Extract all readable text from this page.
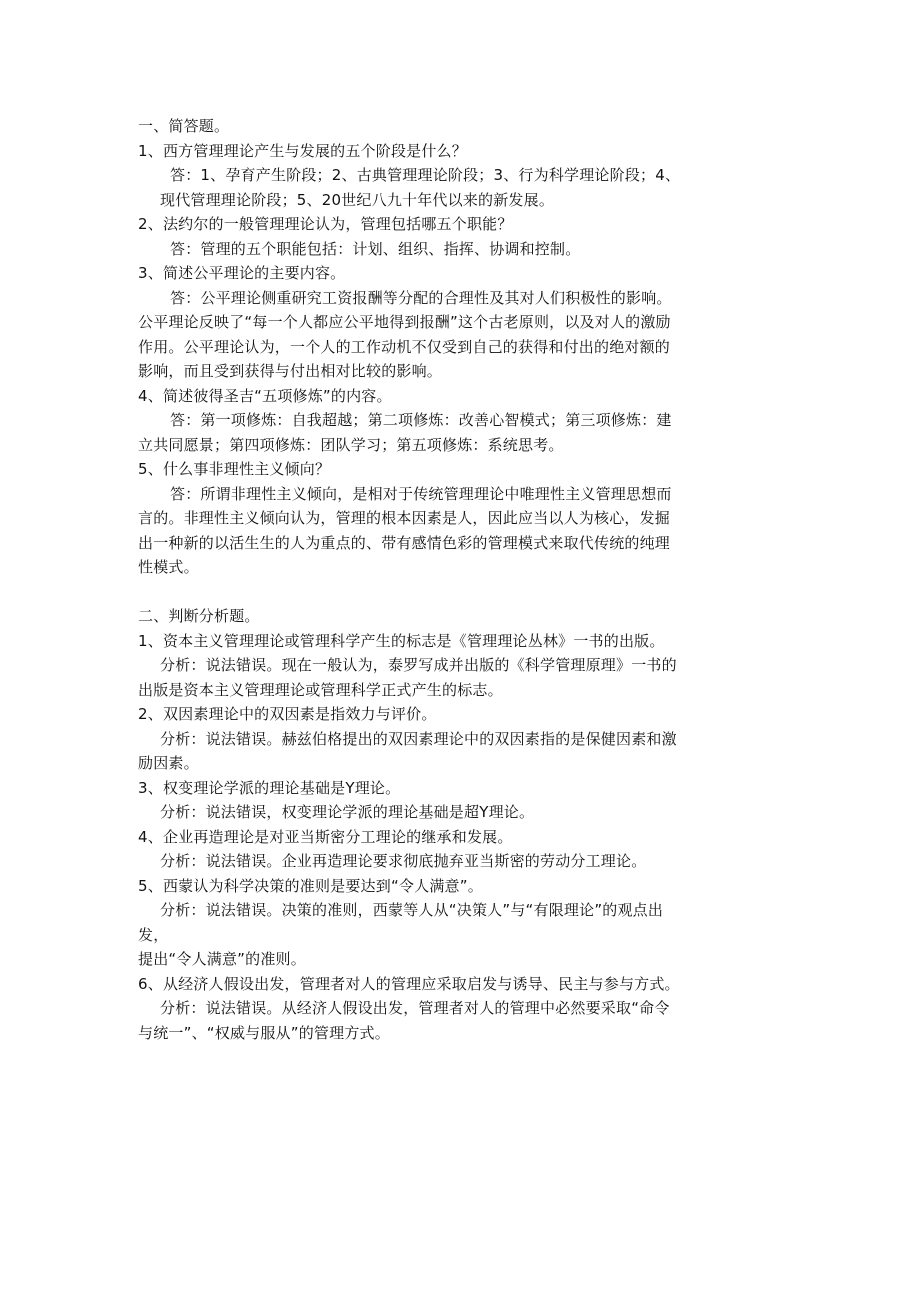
一、简答题。
1、西方管理理论产生与发展的五个阶段是什么？
答：1、孕育产生阶段；2、古典管理理论阶段；3、行为科学理论阶段；4、
现代管理理论阶段；5、20世纪八九十年代以来的新发展。
2、法约尔的一般管理理论认为，管理包括哪五个职能？
答：管理的五个职能包括：计划、组织、指挥、协调和控制。
3、简述公平理论的主要内容。
答：公平理论侧重研究工资报酬等分配的合理性及其对人们积极性的影响。
公平理论反映了“每一个人都应公平地得到报酬”这个古老原则，以及对人的激励
作用。公平理论认为，一个人的工作动机不仅受到自己的获得和付出的绝对额的
影响，而且受到获得与付出相对比较的影响。
4、简述彼得圣吉“五项修炼”的内容。
答：第一项修炼：自我超越；第二项修炼：改善心智模式；第三项修炼：建
立共同愿景；第四项修炼：团队学习；第五项修炼：系统思考。
5、什么事非理性主义倾向？
答：所谓非理性主义倾向，是相对于传统管理理论中唯理性主义管理思想而
言的。非理性主义倾向认为，管理的根本因素是人，因此应当以人为核心，发掘
出一种新的以活生生的人为重点的、带有感情色彩的管理模式来取代传统的纯理
性模式。
二、判断分析题。
1、资本主义管理理论或管理科学产生的标志是《管理理论丛林》一书的出版。
分析：说法错误。现在一般认为，泰罗写成并出版的《科学管理原理》一书的
出版是资本主义管理理论或管理科学正式产生的标志。
2、双因素理论中的双因素是指效力与评价。
分析：说法错误。赫兹伯格提出的双因素理论中的双因素指的是保健因素和激
励因素。
3、权变理论学派的理论基础是Y理论。
分析：说法错误，权变理论学派的理论基础是超Y理论。
4、企业再造理论是对亚当斯密分工理论的继承和发展。
分析：说法错误。企业再造理论要求彻底抛弃亚当斯密的劳动分工理论。
5、西蒙认为科学决策的准则是要达到“令人满意”。
分析：说法错误。决策的准则，西蒙等人从“决策人”与“有限理论”的观点出
发，
提出“令人满意”的准则。
6、从经济人假设出发，管理者对人的管理应采取启发与诱导、民主与参与方式。
分析：说法错误。从经济人假设出发，管理者对人的管理中必然要采取“命令
与统一”、“权威与服从”的管理方式。
